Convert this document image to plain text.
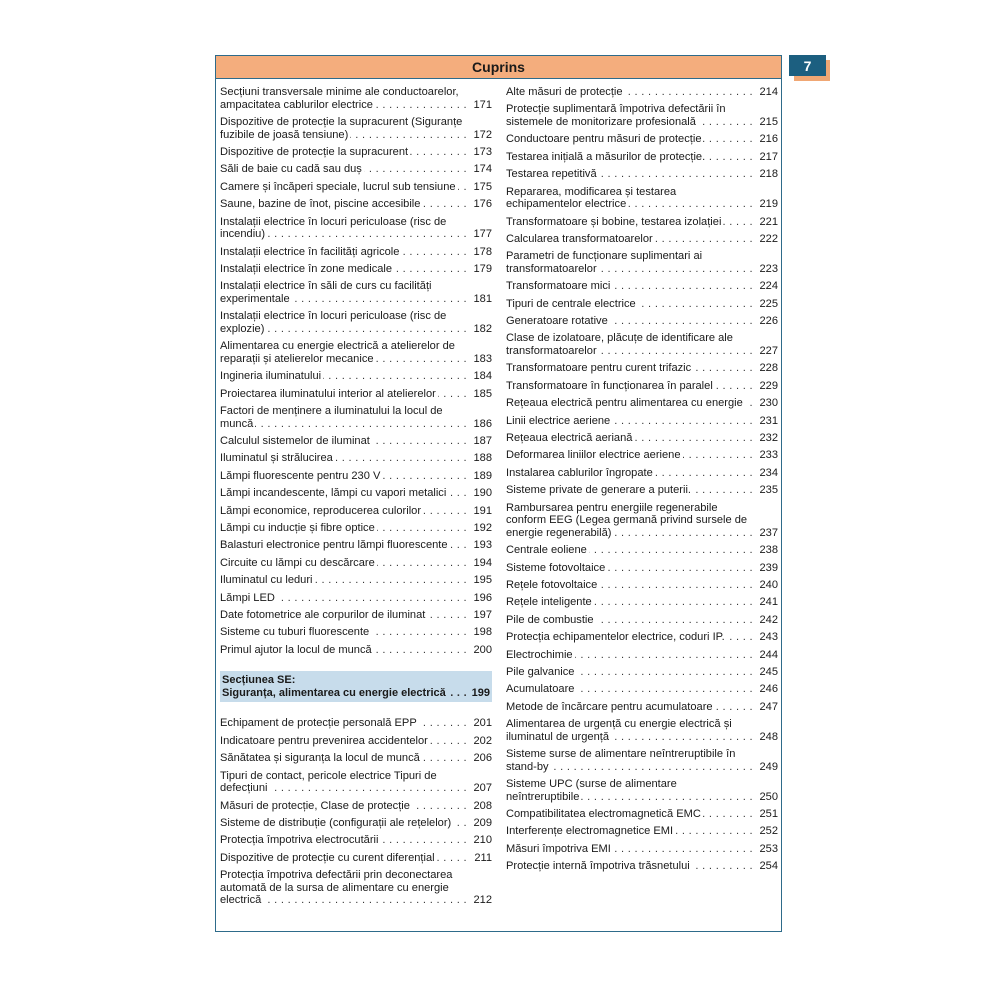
Cuprins	7
Secțiuni transversale minime ale conductoarelor, ampacitatea cablurilor electrice . . .	171
Dispozitive de protecție la supracurent (Siguranțe fuzibile de joasă tensiune) . . .	172
Dispozitive de protecție la supracurent . . .	173
Săli de baie cu cadă sau duș . . .	174
Camere și încăperi speciale, lucrul sub tensiune . . .	175
Saune, bazine de înot, piscine accesibile . . .	176
Instalații electrice în locuri periculoase (risc de incendiu) . . .	177
Instalații electrice în facilități agricole . . .	178
Instalații electrice în zone medicale . . .	179
Instalații electrice în săli de curs cu facilități experimentale . . .	181
Instalații electrice în locuri periculoase (risc de explozie) . . .	182
Alimentarea cu energie electrică a atelierelor de reparații și atelierelor mecanice . . .	183
Ingineria iluminatului . . .	184
Proiectarea iluminatului interior al atelierelor . . .	185
Factori de menținere a iluminatului la locul de muncă . . .	186
Calculul sistemelor de iluminat . . .	187
Iluminatul și strălucirea . . .	188
Lămpi fluorescente pentru 230 V . . .	189
Lămpi incandescente, lămpi cu vapori metalici . . .	190
Lămpi economice, reproducerea culorilor . . .	191
Lămpi cu inducție și fibre optice . . .	192
Balasturi electronice pentru lămpi fluorescente . . .	193
Circuite cu lămpi cu descărcare . . .	194
Iluminatul cu leduri . . .	195
Lămpi LED . . .	196
Date fotometrice ale corpurilor de iluminat . . .	197
Sisteme cu tuburi fluorescente . . .	198
Primul ajutor la locul de muncă . . .	200
Secțiunea SE:
Siguranța, alimentarea cu energie electrică . . .	199
Echipament de protecție personală EPP . . .	201
Indicatoare pentru prevenirea accidentelor . . .	202
Sănătatea și siguranța la locul de muncă . . .	206
Tipuri de contact, pericole electrice Tipuri de defecțiuni . . .	207
Măsuri de protecție, Clase de protecție . . .	208
Sisteme de distribuție (configurații ale rețelelor) . . .	209
Protecția împotriva electrocutării . . .	210
Dispozitive de protecție cu curent diferențial . . .	211
Protecția împotriva defectării prin deconectarea automată de la sursa de alimentare cu energie electrică . . .	212
Alte măsuri de protecție . . .	214
Protecție suplimentară împotriva defectării în sistemele de monitorizare profesională . . .	215
Conductoare pentru măsuri de protecție . . .	216
Testarea inițială a măsurilor de protecție. . . .	217
Testarea repetitivă . . .	218
Repararea, modificarea și testarea echipamentelor electrice . . .	219
Transformatoare și bobine, testarea izolației . . .	221
Calcularea transformatoarelor . . .	222
Parametri de funcționare suplimentari ai transformatoarelor . . .	223
Transformatoare mici . . .	224
Tipuri de centrale electrice . . .	225
Generatoare rotative . . .	226
Clase de izolatoare, plăcuțe de identificare ale transformatoarelor . . .	227
Transformatoare pentru curent trifazic . . .	228
Transformatoare în funcționarea în paralel . . .	229
Rețeaua electrică pentru alimentarea cu energie . . .	230
Linii electrice aeriene . . .	231
Rețeaua electrică aeriană . . .	232
Deformarea liniilor electrice aeriene . . .	233
Instalarea cablurilor îngropate . . .	234
Sisteme private de generare a puterii. . . .	235
Rambursarea pentru energiile regenerabile conform EEG (Legea germană privind sursele de energie regenerabilă) . . .	237
Centrale eoliene . . .	238
Sisteme fotovoltaice . . .	239
Rețele fotovoltaice . . .	240
Rețele inteligente . . .	241
Pile de combustie . . .	242
Protecția echipamentelor electrice, coduri IP. . . .	243
Electrochimie . . .	244
Pile galvanice . . .	245
Acumulatoare . . .	246
Metode de încărcare pentru acumulatoare . . .	247
Alimentarea de urgență cu energie electrică și iluminatul de urgență . . .	248
Sisteme surse de alimentare neîntreruptibile în stand-by . . .	249
Sisteme UPC (surse de alimentare neîntreruptibile . . .	250
Compatibilitatea electromagnetică EMC . . .	251
Interferențe electromagnetice EMI . . .	252
Măsuri împotriva EMI . . .	253
Protecție internă împotriva trăsnetului . . .	254
